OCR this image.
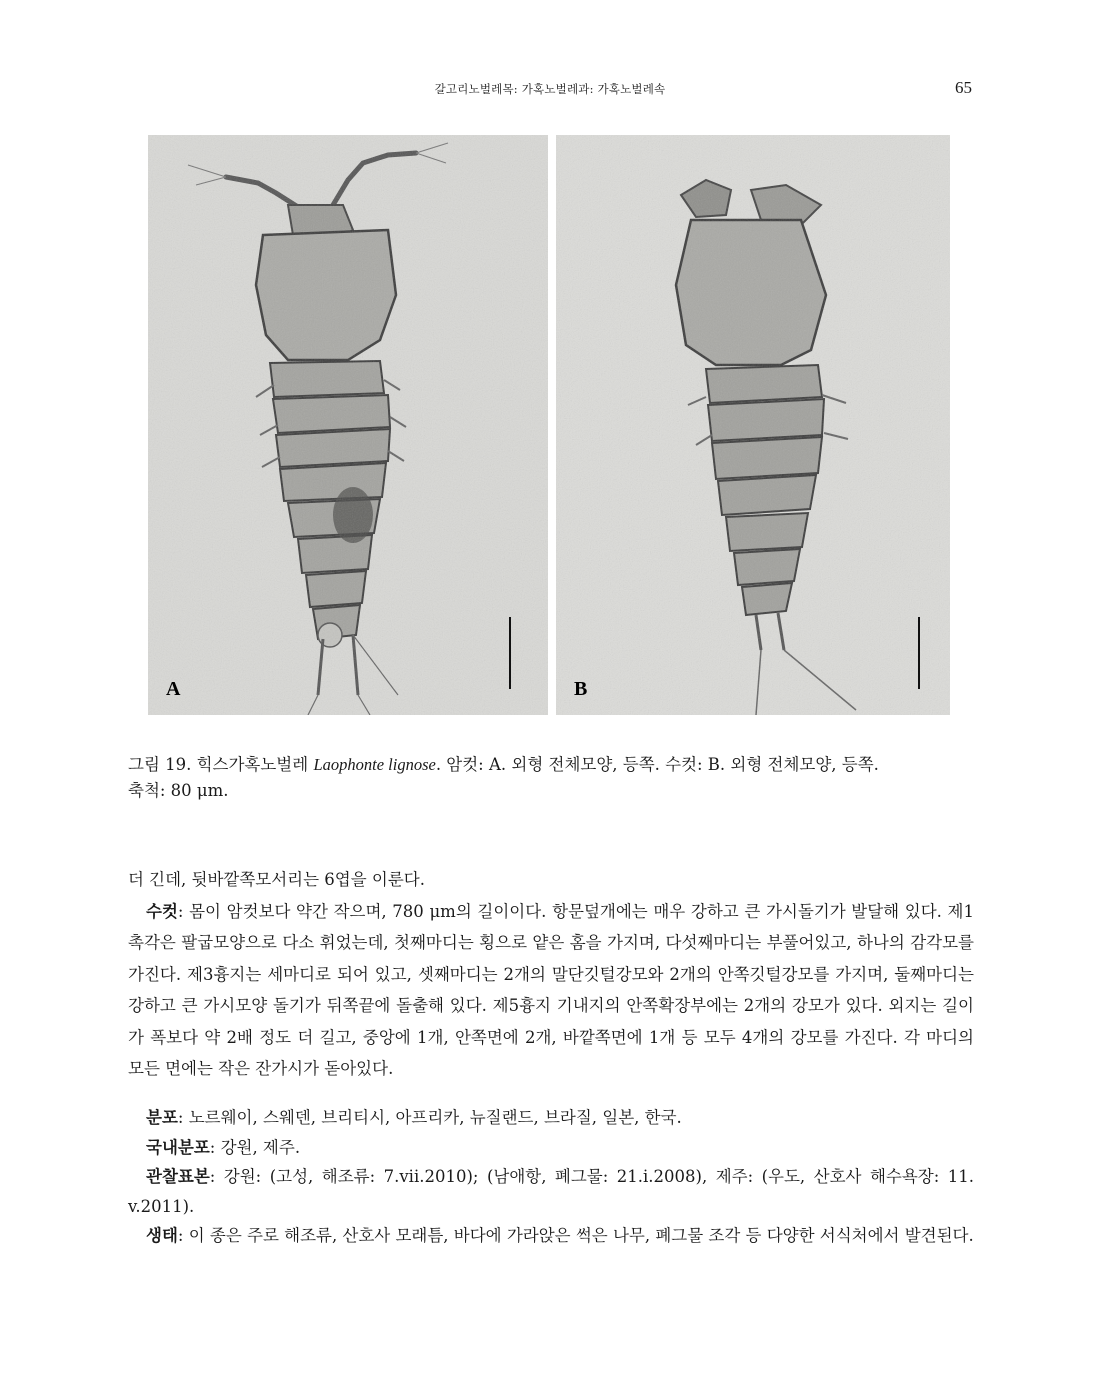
갈고리노벌레목: 가혹노벌레과: 가혹노벌레속	65
A	B
그림 19. 힉스가혹노벌레 Laophonte lignose. 암컷: A. 외형 전체모양, 등쪽. 수컷: B. 외형 전체모양, 등쪽.
축척: 80 μm.

더 긴데, 뒷바깥쪽모서리는 6엽을 이룬다.

수컷: 몸이 암컷보다 약간 작으며, 780 μm의 길이이다. 항문덮개에는 매우 강하고 큰 가시돌기가 발달해 있다. 제1촉각은 팔굽모양으로 다소 휘었는데, 첫째마디는 횡으로 얕은 홈을 가지며, 다섯째마디는 부풀어있고, 하나의 감각모를 가진다. 제3흉지는 세마디로 되어 있고, 셋째마디는 2개의 말단깃털강모와 2개의 안쪽깃털강모를 가지며, 둘째마디는 강하고 큰 가시모양 돌기가 뒤쪽끝에 돌출해 있다. 제5흉지 기내지의 안쪽확장부에는 2개의 강모가 있다. 외지는 길이가 폭보다 약 2배 정도 더 길고, 중앙에 1개, 안쪽면에 2개, 바깥쪽면에 1개 등 모두 4개의 강모를 가진다. 각 마디의 모든 면에는 작은 잔가시가 돋아있다.

분포: 노르웨이, 스웨덴, 브리티시, 아프리카, 뉴질랜드, 브라질, 일본, 한국.

국내분포: 강원, 제주.

관찰표본: 강원: (고성, 해조류: 7.vii.2010); (남애항, 폐그물: 21.i.2008), 제주: (우도, 산호사 해수욕장: 11. v.2011).

생태: 이 종은 주로 해조류, 산호사 모래틈, 바다에 가라앉은 썩은 나무, 폐그물 조각 등 다양한 서식처에서 발견된다.
